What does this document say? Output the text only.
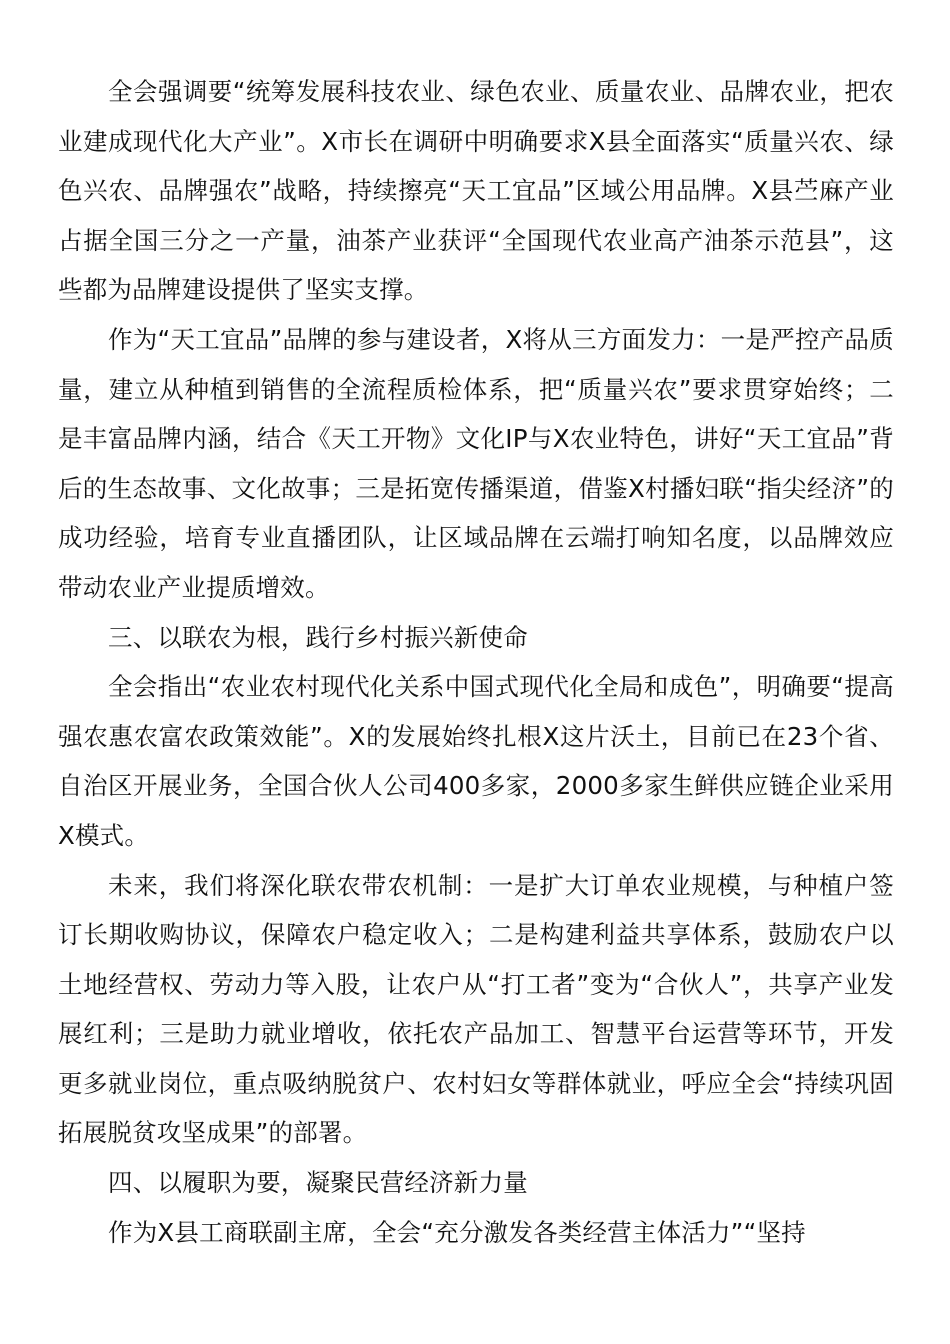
全会强调要“统筹发展科技农业、绿色农业、质量农业、品牌农业，把农业建成现代化大产业”。X市长在调研中明确要求X县全面落实“质量兴农、绿色兴农、品牌强农”战略，持续擦亮“天工宜品”区域公用品牌。X县苎麻产业占据全国三分之一产量，油茶产业获评“全国现代农业高产油茶示范县”，这些都为品牌建设提供了坚实支撑。

作为“天工宜品”品牌的参与建设者，X将从三方面发力：一是严控产品质量，建立从种植到销售的全流程质检体系，把“质量兴农”要求贯穿始终；二是丰富品牌内涵，结合《天工开物》文化IP与X农业特色，讲好“天工宜品”背后的生态故事、文化故事；三是拓宽传播渠道，借鉴X村播妇联“指尖经济”的成功经验，培育专业直播团队，让区域品牌在云端打响知名度，以品牌效应带动农业产业提质增效。

三、以联农为根，践行乡村振兴新使命

全会指出“农业农村现代化关系中国式现代化全局和成色”，明确要“提高强农惠农富农政策效能”。X的发展始终扎根X这片沃土，目前已在23个省、自治区开展业务，全国合伙人公司400多家，2000多家生鲜供应链企业采用X模式。

未来，我们将深化联农带农机制：一是扩大订单农业规模，与种植户签订长期收购协议，保障农户稳定收入；二是构建利益共享体系，鼓励农户以土地经营权、劳动力等入股，让农户从“打工者”变为“合伙人”，共享产业发展红利；三是助力就业增收，依托农产品加工、智慧平台运营等环节，开发更多就业岗位，重点吸纳脱贫户、农村妇女等群体就业，呼应全会“持续巩固拓展脱贫攻坚成果”的部署。

四、以履职为要，凝聚民营经济新力量

作为X县工商联副主席，全会“充分激发各类经营主体活力”“坚持
